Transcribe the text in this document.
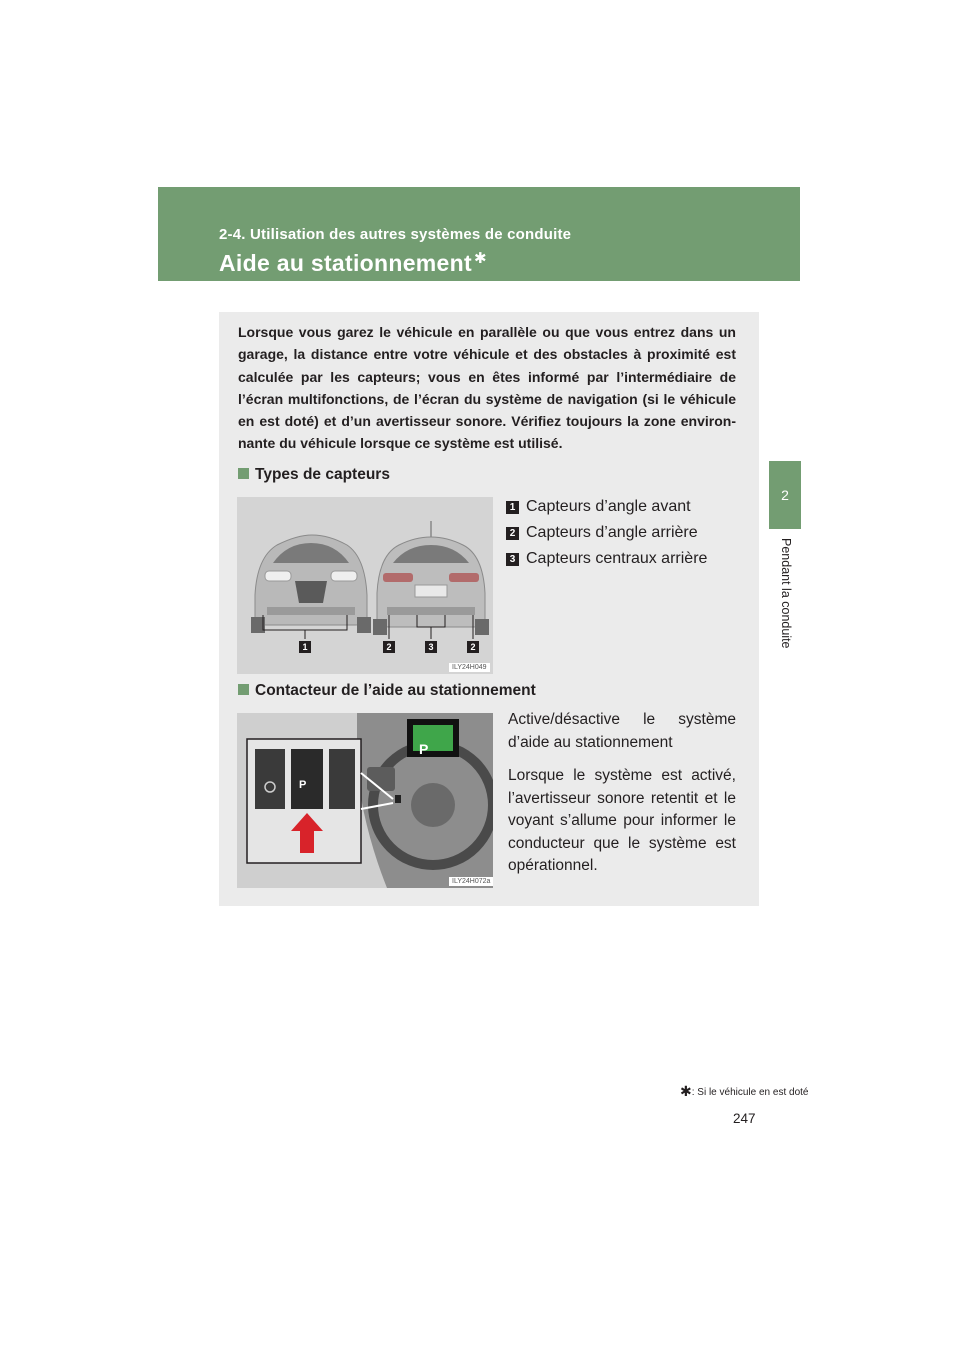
2-4. Utilisation des autres systèmes de conduite

Aide au stationnement ✱
2
Pendant la conduite

Lorsque vous garez le véhicule en parallèle ou que vous entrez dans un garage, la distance entre votre véhicule et des obstacles à proximité est calculée par les capteurs; vous en êtes informé par l’intermédiaire de l’écran multifonctions, de l’écran du système de navigation (si le véhicule en est doté) et d’un avertisseur sonore. Vérifiez toujours la zone environ-nante du véhicule lorsque ce système est utilisé.

Types de capteurs
1	2	3	2
ILY24H049
1 Capteurs d’angle avant
2 Capteurs d’angle arrière
3 Capteurs centraux arrière
Contacteur de l’aide au stationnement
P
P
ILY24H072a

Active/désactive le système d’aide au stationnement

Lorsque le système est activé, l’avertisseur sonore retentit et le voyant s’allume pour informer le conducteur que le système est opérationnel.

✱: Si le véhicule en est doté

247
